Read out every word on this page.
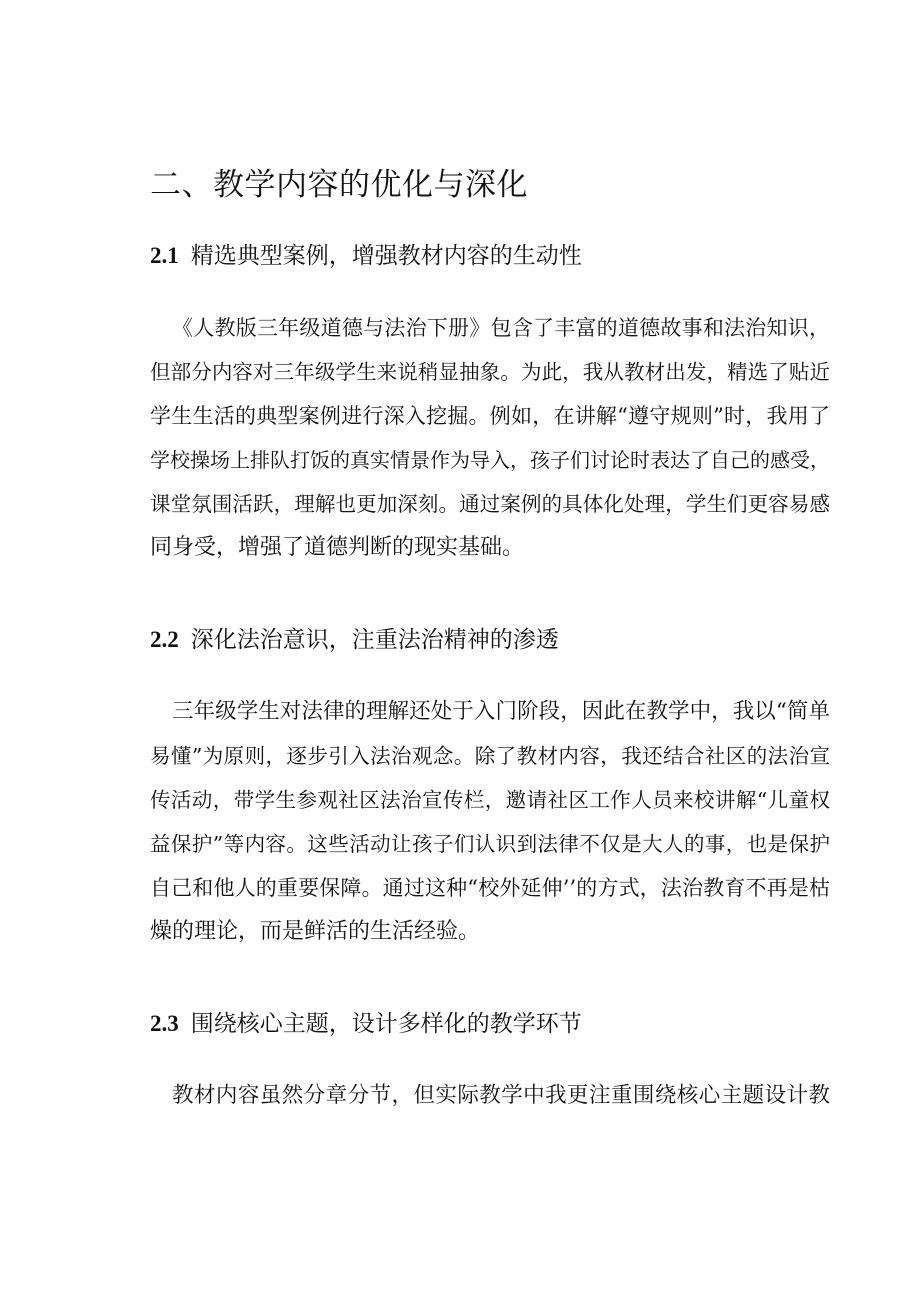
二、教学内容的优化与深化
2.1 精选典型案例，增强教材内容的生动性
《人教版三年级道德与法治下册》包含了丰富的道德故事和法治知识，
但部分内容对三年级学生来说稍显抽象。为此，我从教材出发，精选了贴近
学生生活的典型案例进行深入挖掘。例如，在讲解“遵守规则”时，我用了
学校操场上排队打饭的真实情景作为导入，孩子们讨论时表达了自己的感受，
课堂氛围活跃，理解也更加深刻。通过案例的具体化处理，学生们更容易感
同身受，增强了道德判断的现实基础。
2.2 深化法治意识，注重法治精神的渗透
三年级学生对法律的理解还处于入门阶段，因此在教学中，我以“简单
易懂”为原则，逐步引入法治观念。除了教材内容，我还结合社区的法治宣
传活动，带学生参观社区法治宣传栏，邀请社区工作人员来校讲解“儿童权
益保护”等内容。这些活动让孩子们认识到法律不仅是大人的事，也是保护
自己和他人的重要保障。通过这种“校外延伸’’的方式，法治教育不再是枯
燥的理论，而是鲜活的生活经验。
2.3 围绕核心主题，设计多样化的教学环节
教材内容虽然分章分节，但实际教学中我更注重围绕核心主题设计教
